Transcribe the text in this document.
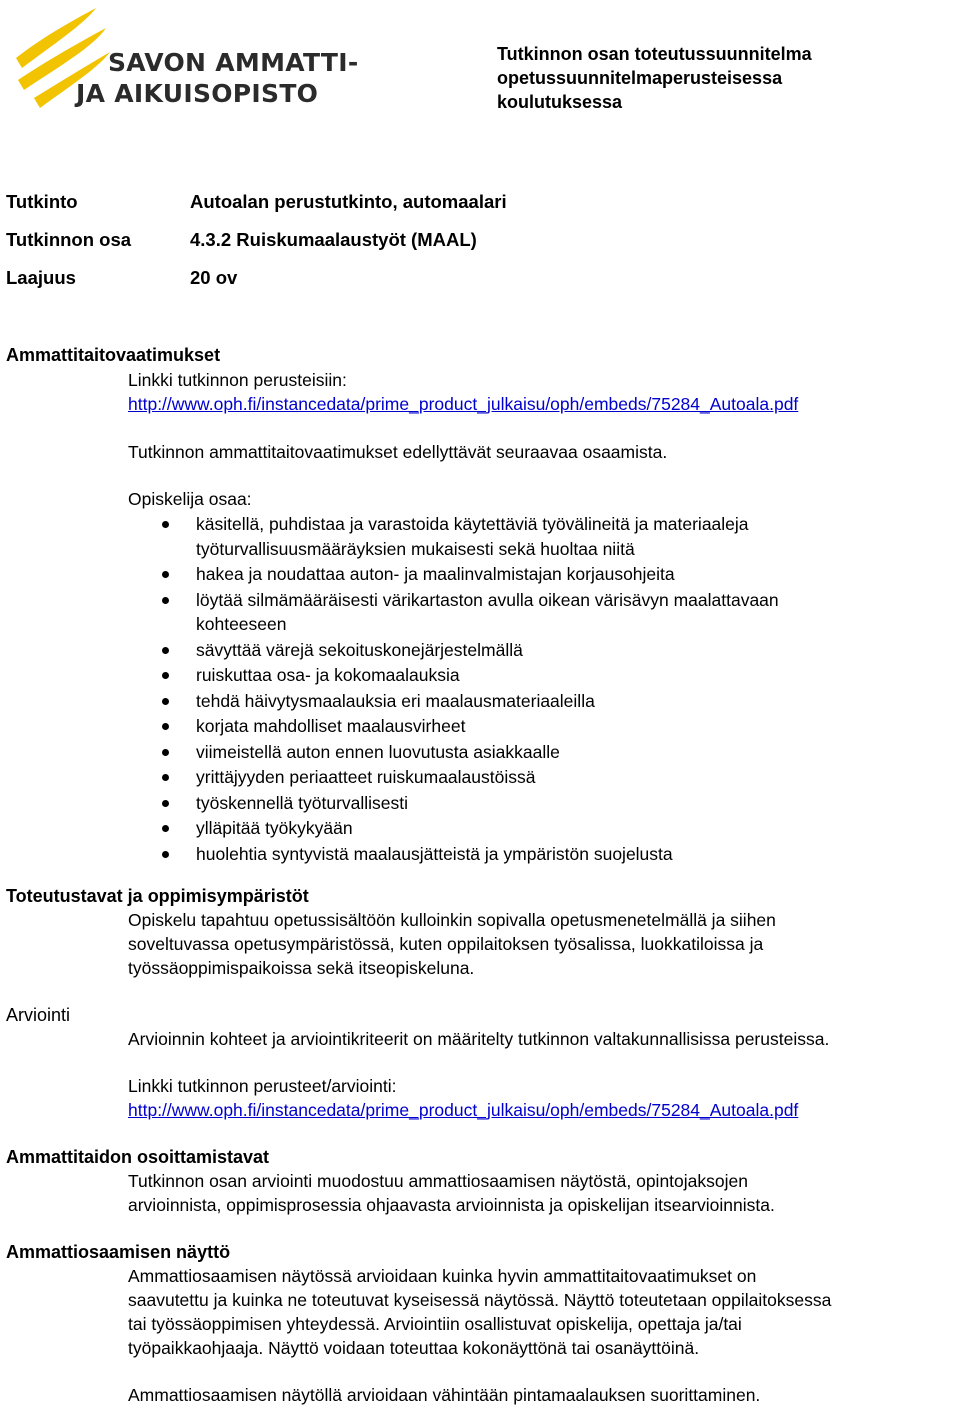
SAVON AMMATTI-
JA AIKUISOPISTO
Tutkinnon osan toteutussuunnitelma
opetussuunnitelmaperusteisessa
koulutuksessa
Tutkinto	Autoalan perustutkinto, automaalari
Tutkinnon osa	4.3.2 Ruiskumaalaustyöt (MAAL)
Laajuus	20 ov
Ammattitaitovaatimukset
Linkki tutkinnon perusteisiin:
http://www.oph.fi/instancedata/prime_product_julkaisu/oph/embeds/75284_Autoala.pdf
Tutkinnon ammattitaitovaatimukset edellyttävät seuraavaa osaamista.
Opiskelija osaa:
käsitellä, puhdistaa ja varastoida käytettäviä työvälineitä ja materiaaleja
työturvallisuusmääräyksien mukaisesti sekä huoltaa niitä
hakea ja noudattaa auton- ja maalinvalmistajan korjausohjeita
löytää silmämääräisesti värikartaston avulla oikean värisävyn maalattavaan
kohteeseen
sävyttää värejä sekoituskonejärjestelmällä
ruiskuttaa osa- ja kokomaalauksia
tehdä häivytysmaalauksia eri maalausmateriaaleilla
korjata mahdolliset maalausvirheet
viimeistellä auton ennen luovutusta asiakkaalle
yrittäjyyden periaatteet ruiskumaalaustöissä
työskennellä työturvallisesti
ylläpitää työkykyään
huolehtia syntyvistä maalausjätteistä ja ympäristön suojelusta
Toteutustavat ja oppimisympäristöt
Opiskelu tapahtuu opetussisältöön kulloinkin sopivalla opetusmenetelmällä ja siihen
soveltuvassa opetusympäristössä, kuten oppilaitoksen työsalissa, luokkatiloissa ja
työssäoppimispaikoissa sekä itseopiskeluna.
Arviointi
Arvioinnin kohteet ja arviointikriteerit on määritelty tutkinnon valtakunnallisissa perusteissa.
Linkki tutkinnon perusteet/arviointi:
http://www.oph.fi/instancedata/prime_product_julkaisu/oph/embeds/75284_Autoala.pdf
Ammattitaidon osoittamistavat
Tutkinnon osan arviointi muodostuu ammattiosaamisen näytöstä, opintojaksojen
arvioinnista, oppimisprosessia ohjaavasta arvioinnista ja opiskelijan itsearvioinnista.
Ammattiosaamisen näyttö
Ammattiosaamisen näytössä arvioidaan kuinka hyvin ammattitaitovaatimukset on
saavutettu ja kuinka ne toteutuvat kyseisessä näytössä. Näyttö toteutetaan oppilaitoksessa
tai työssäoppimisen yhteydessä. Arviointiin osallistuvat opiskelija, opettaja ja/tai
työpaikkaohjaaja. Näyttö voidaan toteuttaa kokonäyttönä tai osanäyttöinä.
Ammattiosaamisen näytöllä arvioidaan vähintään pintamaalauksen suorittaminen.
